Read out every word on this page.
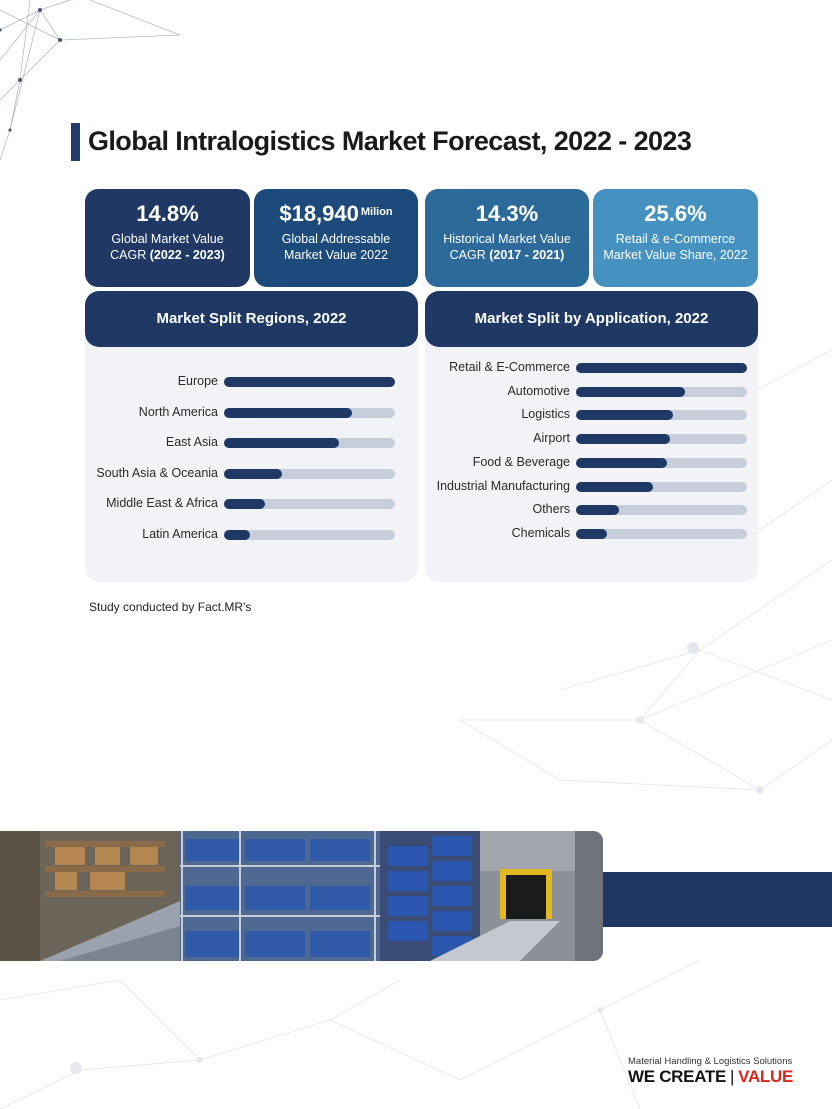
Global Intralogistics Market Forecast, 2022 - 2023
14.8%
Global Market Value
CAGR (2022 - 2023)
$18,940 $^{Milion}$
Global Addressable
Market Value 2022
14.3%
Historical Market Value
CAGR (2017 - 2021)
25.6%
Retail & e-Commerce
Market Value Share, 2022
Market Split Regions, 2022
Europe
North America
East Asia
South Asia & Oceania
Middle East & Africa
Latin America
Market Split by Application, 2022
Retail & E-Commerce
Automotive
Logistics
Airport
Food & Beverage
Industrial Manufacturing
Others
Chemicals
Study conducted by Fact.MR's
Material Handling & Logistics Solutions
WE CREATE | VALUE
